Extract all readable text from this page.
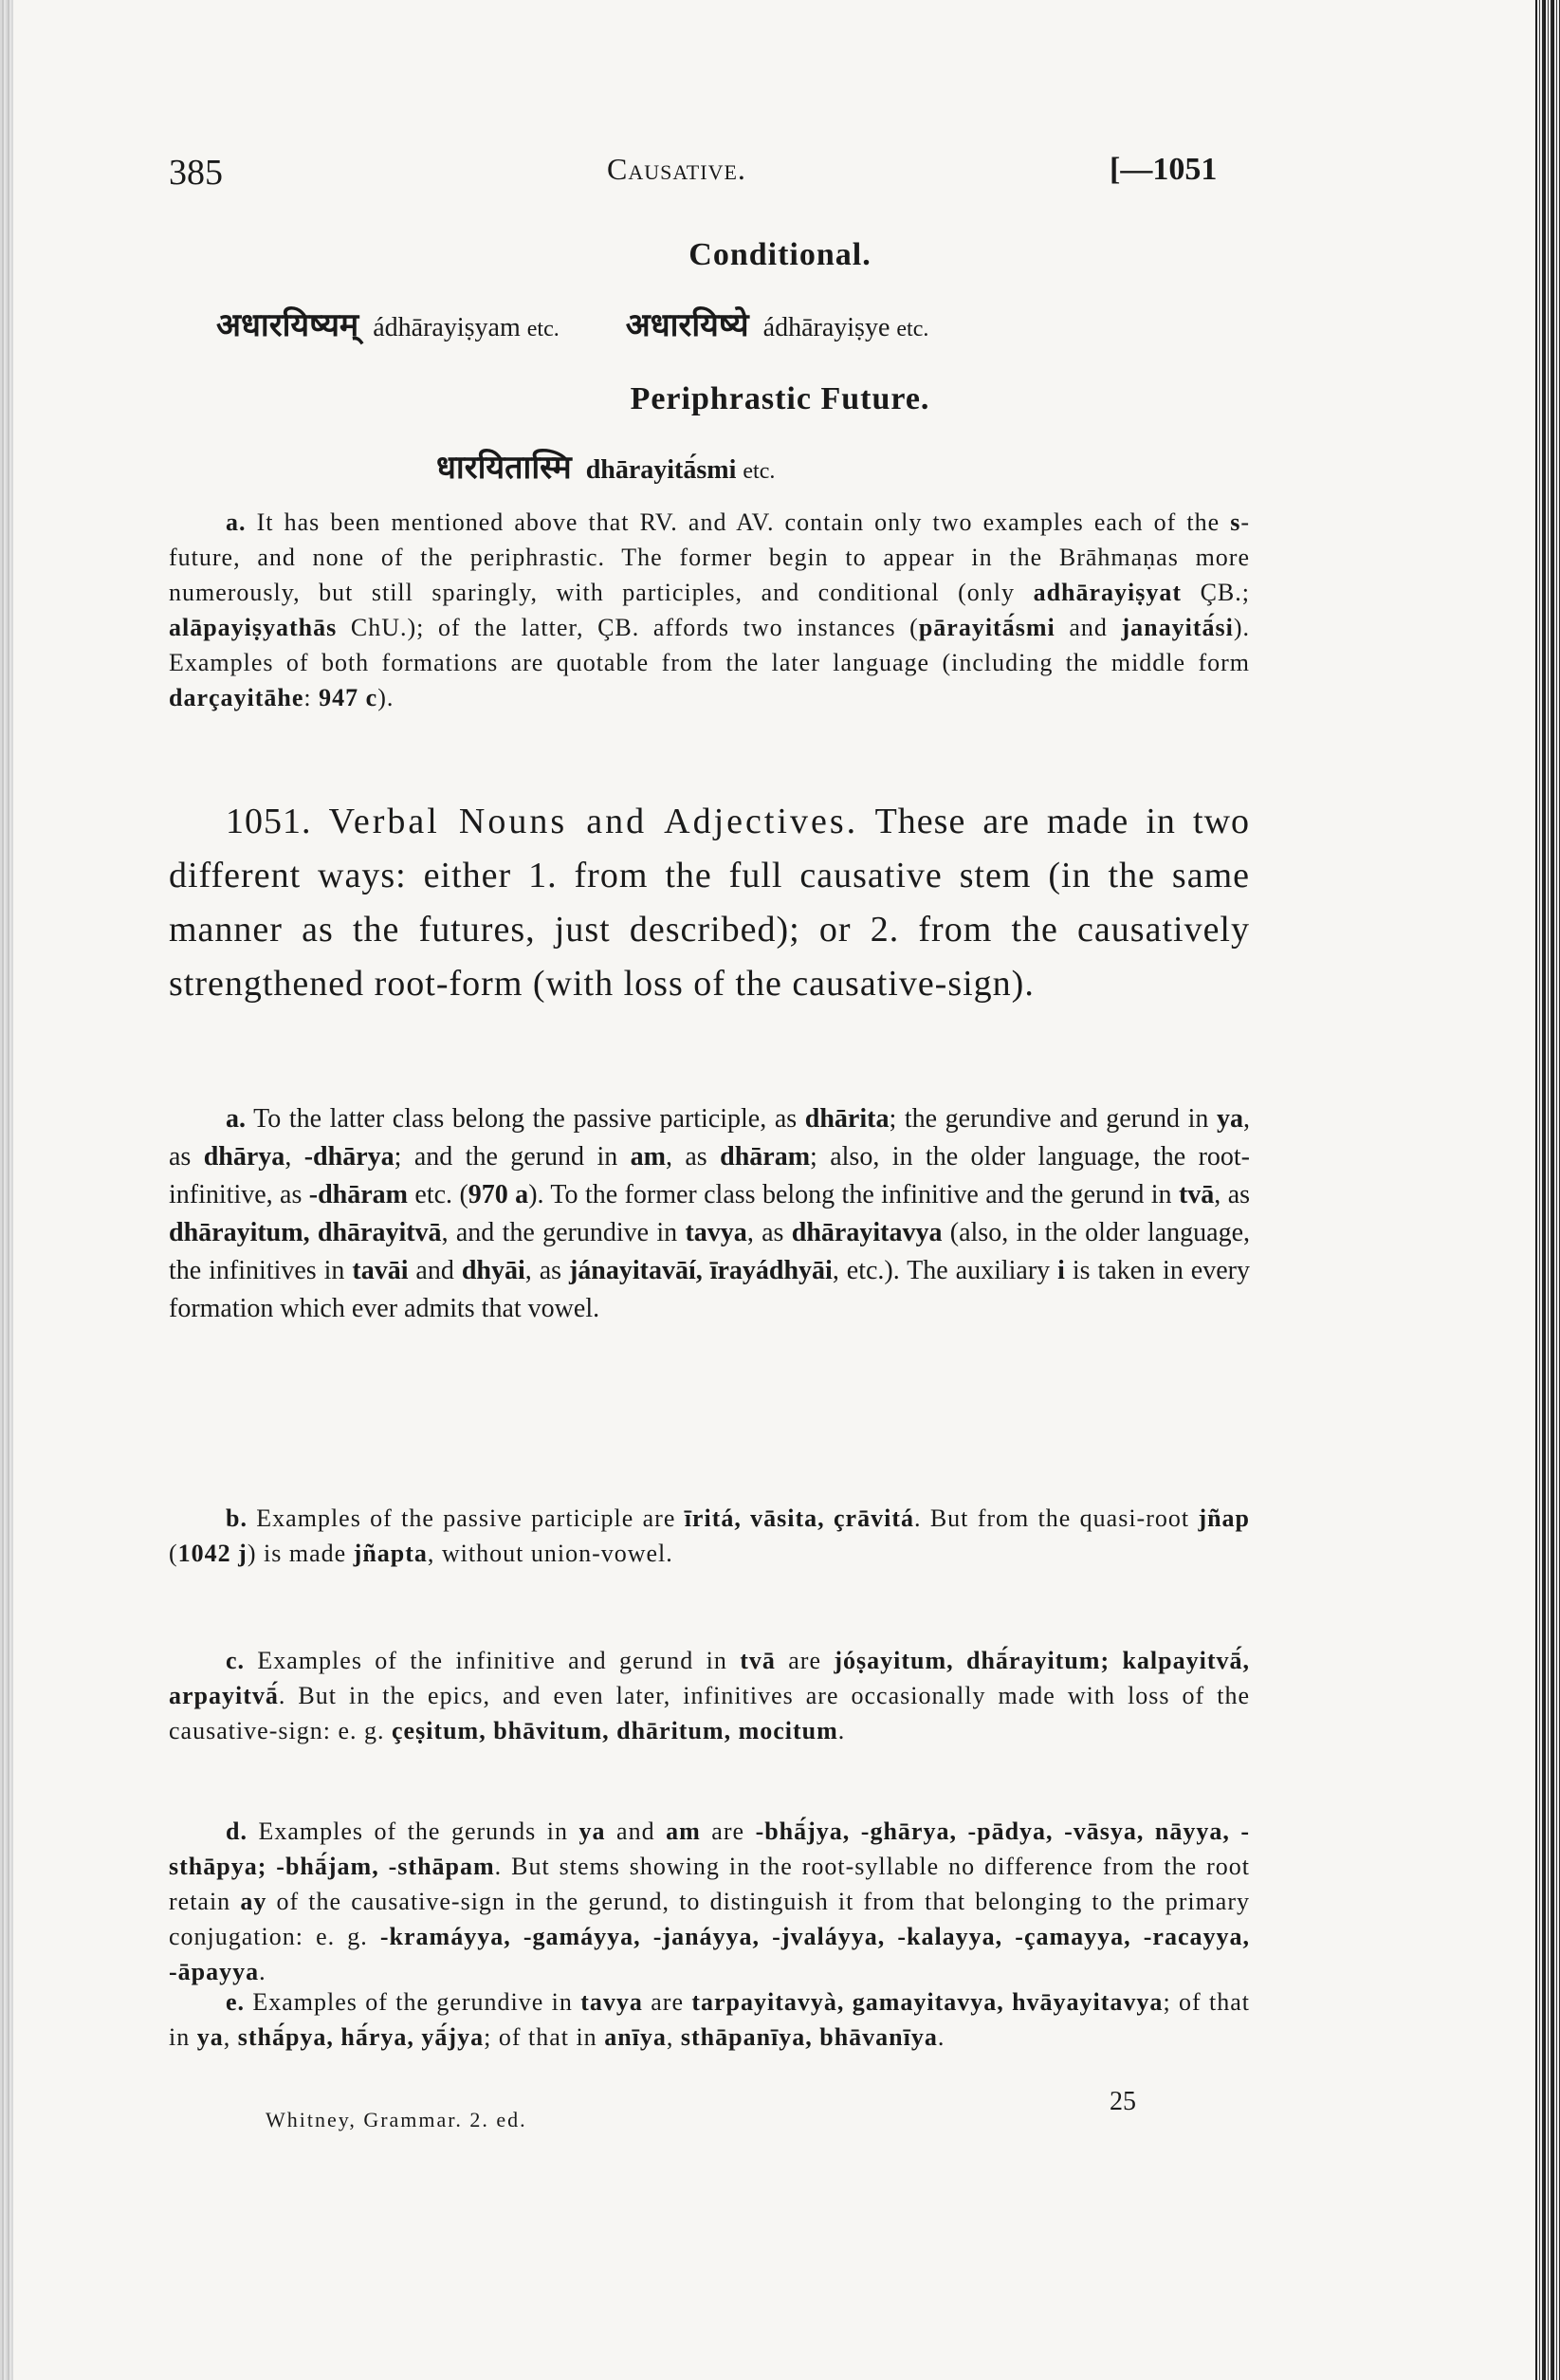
385	Causative.	[—1051
Conditional.
अधारयिष्यम् ádhārayiṣyam etc. अधारयिष्ये ádhārayiṣye etc.
Periphrastic Future.
धारयितास्मि dhārayitā́smi etc.
a. It has been mentioned above that RV. and AV. contain only two examples each of the s-future, and none of the periphrastic. The former begin to appear in the Brāhmaṇas more numerously, but still sparingly, with participles, and conditional (only adhārayiṣyat ÇB.; alāpayiṣyathās ChU.); of the latter, ÇB. affords two instances (pārayitā́smi and janayitā́si). Examples of both formations are quotable from the later language (including the middle form darçayitāhe: 947 c).
1051. Verbal Nouns and Adjectives. These are made in two different ways: either 1. from the full causative stem (in the same manner as the futures, just described); or 2. from the causatively strengthened root-form (with loss of the causative-sign).
a. To the latter class belong the passive participle, as dhārita; the gerundive and gerund in ya, as dhārya, -dhārya; and the gerund in am, as dhāram; also, in the older language, the root-infinitive, as -dhāram etc. (970 a). To the former class belong the infinitive and the gerund in tvā, as dhārayitum, dhārayitvā, and the gerundive in tavya, as dhārayitavya (also, in the older language, the infinitives in tavāi and dhyāi, as jánayitavāí, īrayádhyāi, etc.). The auxiliary i is taken in every formation which ever admits that vowel.
b. Examples of the passive participle are īritá, vāsita, çrāvitá. But from the quasi-root jñap (1042 j) is made jñapta, without union-vowel.
c. Examples of the infinitive and gerund in tvā are jóṣayitum, dhā́rayitum; kalpayitvā́, arpayitvā́. But in the epics, and even later, infinitives are occasionally made with loss of the causative-sign: e. g. çeṣitum, bhāvitum, dhāritum, mocitum.
d. Examples of the gerunds in ya and am are -bhā́jya, -ghārya, -pādya, -vāsya, nāyya, -sthāpya; -bhā́jam, -sthāpam. But stems showing in the root-syllable no difference from the root retain ay of the causative-sign in the gerund, to distinguish it from that belonging to the primary conjugation: e. g. -kramáyya, -gamáyya, -janáyya, -jvaláyya, -kalayya, -çamayya, -racayya, -āpayya.
e. Examples of the gerundive in tavya are tarpayitavyà, gamayitavya, hvāyayitavya; of that in ya, sthā́pya, hā́rya, yā́jya; of that in anīya, sthāpanīya, bhāvanīya.
Whitney, Grammar. 2. ed.
25
